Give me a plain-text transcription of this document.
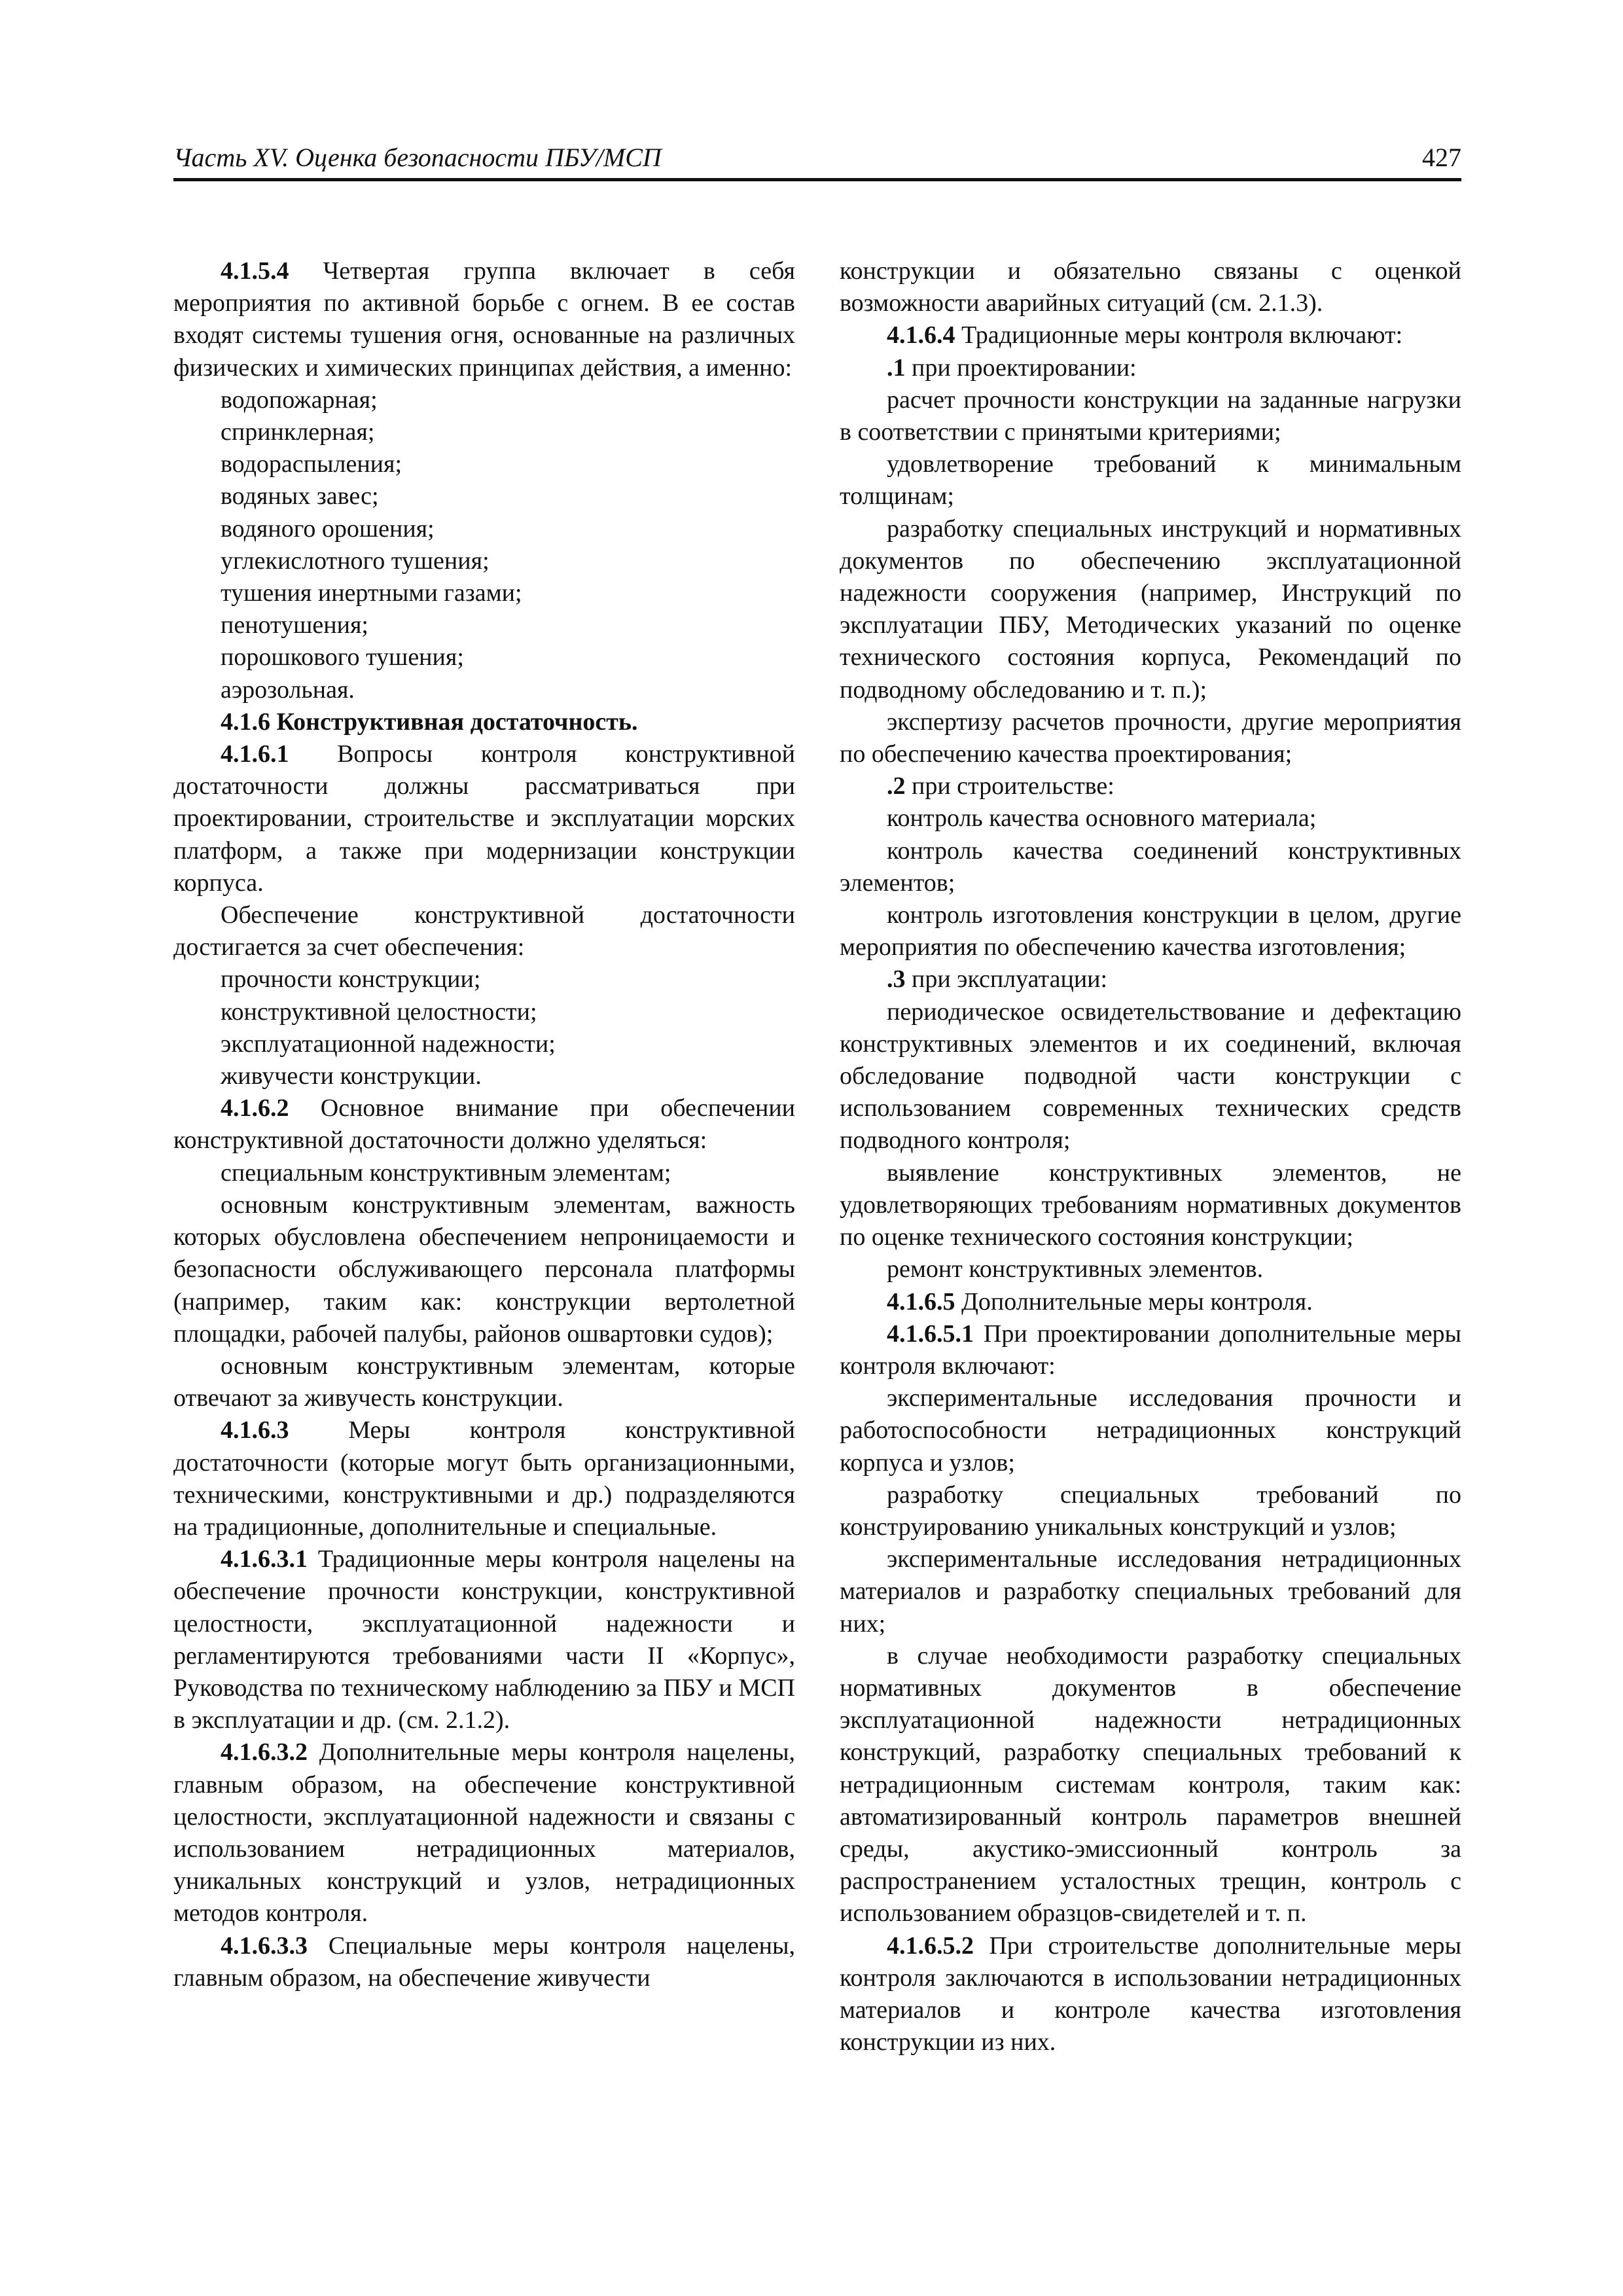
Часть XV. Оценка безопасности ПБУ/МСП	427

4.1.5.4 Четвертая группа включает в себя мероприятия по активной борьбе с огнем. В ее состав входят системы тушения огня, основанные на различных физических и химических принципах действия, а именно:

водопожарная;

спринклерная;

водораспыления;

водяных завес;

водяного орошения;

углекислотного тушения;

тушения инертными газами;

пенотушения;

порошкового тушения;

аэрозольная.

4.1.6 Конструктивная достаточность.

4.1.6.1 Вопросы контроля конструктивной достаточности должны рассматриваться при проектировании, строительстве и эксплуатации морских платформ, а также при модернизации конструкции корпуса.

Обеспечение конструктивной достаточности достигается за счет обеспечения:

прочности конструкции;

конструктивной целостности;

эксплуатационной надежности;

живучести конструкции.

4.1.6.2 Основное внимание при обеспечении конструктивной достаточности должно уделяться:

специальным конструктивным элементам;

основным конструктивным элементам, важность которых обусловлена обеспечением непроницаемости и безопасности обслуживающего персонала платформы (например, таким как: конструкции вертолетной площадки, рабочей палубы, районов ошвартовки судов);

основным конструктивным элементам, которые отвечают за живучесть конструкции.

4.1.6.3 Меры контроля конструктивной достаточности (которые могут быть организационными, техническими, конструктивными и др.) подразделяются на традиционные, дополнительные и специальные.

4.1.6.3.1 Традиционные меры контроля нацелены на обеспечение прочности конструкции, конструктивной целостности, эксплуатационной надежности и регламентируются требованиями части II «Корпус», Руководства по техническому наблюдению за ПБУ и МСП в эксплуатации и др. (см. 2.1.2).

4.1.6.3.2 Дополнительные меры контроля нацелены, главным образом, на обеспечение конструктивной целостности, эксплуатационной надежности и связаны с использованием нетрадиционных материалов, уникальных конструкций и узлов, нетрадиционных методов контроля.

4.1.6.3.3 Специальные меры контроля нацелены, главным образом, на обеспечение живучести

конструкции и обязательно связаны с оценкой возможности аварийных ситуаций (см. 2.1.3).

4.1.6.4 Традиционные меры контроля включают:

.1 при проектировании:

расчет прочности конструкции на заданные нагрузки в соответствии с принятыми критериями;

удовлетворение требований к минимальным толщинам;

разработку специальных инструкций и нормативных документов по обеспечению эксплуатационной надежности сооружения (например, Инструкций по эксплуатации ПБУ, Методических указаний по оценке технического состояния корпуса, Рекомендаций по подводному обследованию и т. п.);

экспертизу расчетов прочности, другие мероприятия по обеспечению качества проектирования;

.2 при строительстве:

контроль качества основного материала;

контроль качества соединений конструктивных элементов;

контроль изготовления конструкции в целом, другие мероприятия по обеспечению качества изготовления;

.3 при эксплуатации:

периодическое освидетельствование и дефектацию конструктивных элементов и их соединений, включая обследование подводной части конструкции с использованием современных технических средств подводного контроля;

выявление конструктивных элементов, не удовлетворяющих требованиям нормативных документов по оценке технического состояния конструкции;

ремонт конструктивных элементов.

4.1.6.5 Дополнительные меры контроля.

4.1.6.5.1 При проектировании дополнительные меры контроля включают:

экспериментальные исследования прочности и работоспособности нетрадиционных конструкций корпуса и узлов;

разработку специальных требований по конструированию уникальных конструкций и узлов;

экспериментальные исследования нетрадиционных материалов и разработку специальных требований для них;

в случае необходимости разработку специальных нормативных документов в обеспечение эксплуатационной надежности нетрадиционных конструкций, разработку специальных требований к нетрадиционным системам контроля, таким как: автоматизированный контроль параметров внешней среды, акустико-эмиссионный контроль за распространением усталостных трещин, контроль с использованием образцов-свидетелей и т. п.

4.1.6.5.2 При строительстве дополнительные меры контроля заключаются в использовании нетрадиционных материалов и контроле качества изготовления конструкции из них.
